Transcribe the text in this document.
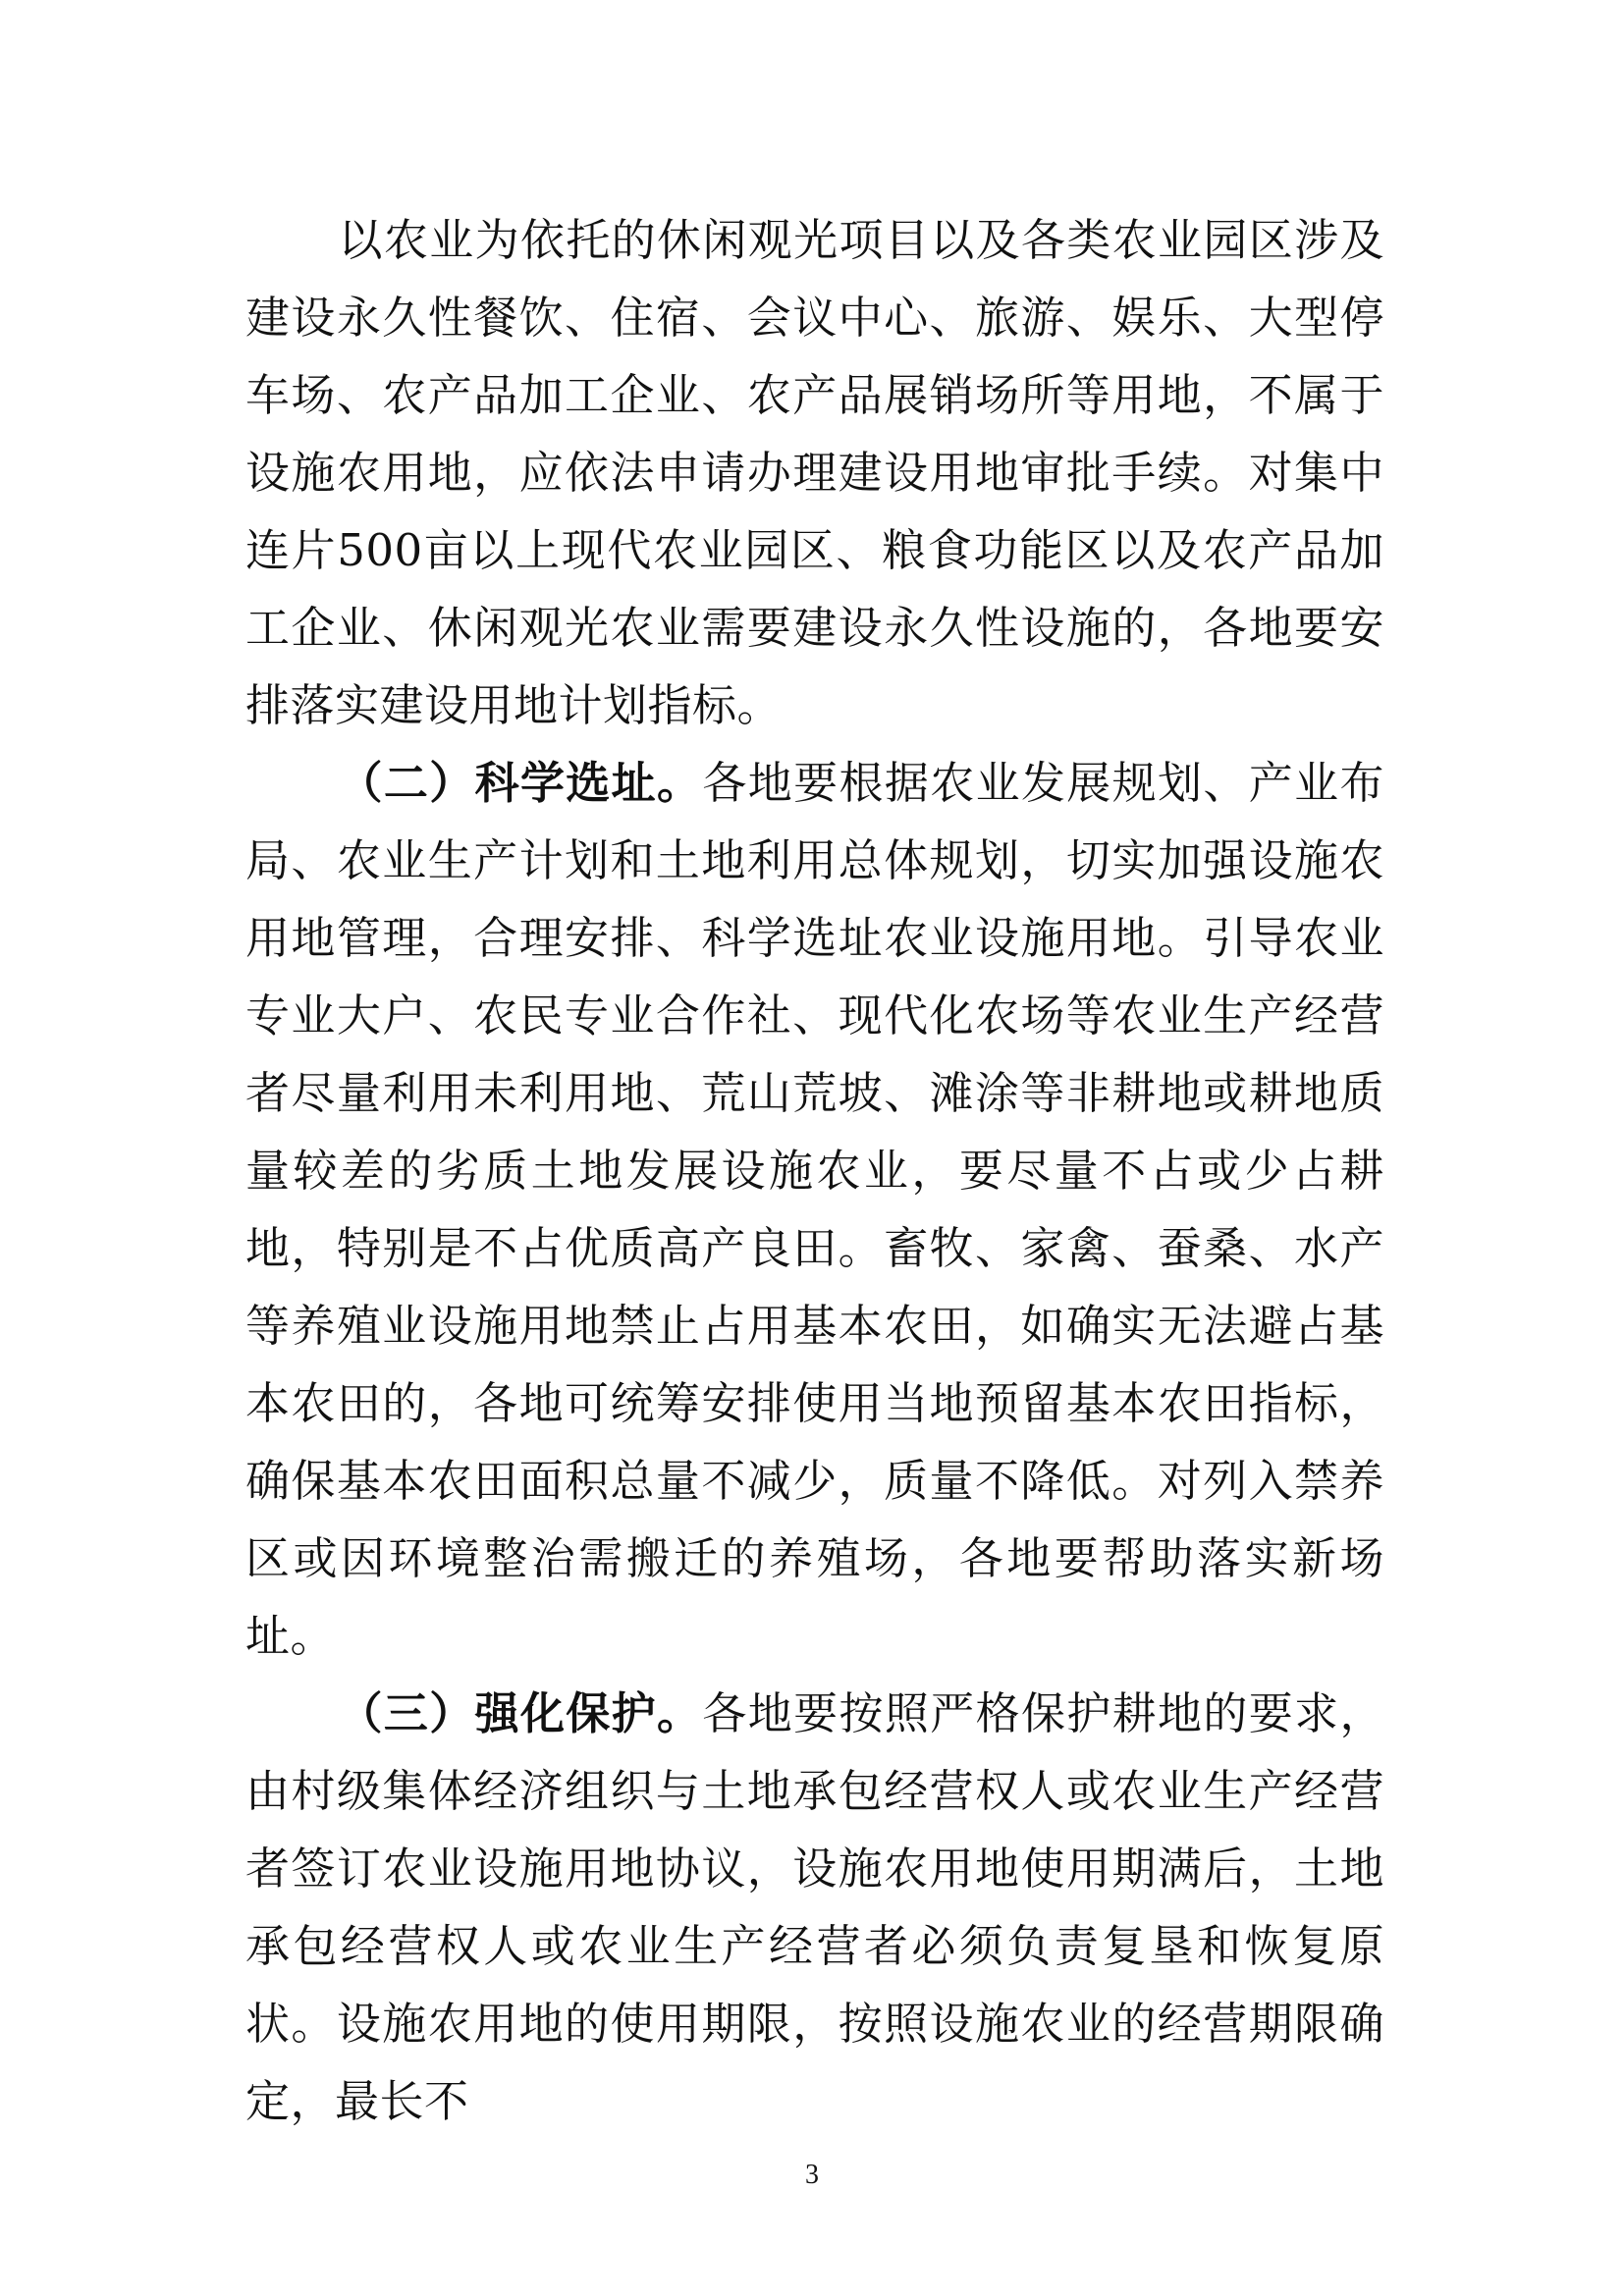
以农业为依托的休闲观光项目以及各类农业园区涉及建设永久性餐饮、住宿、会议中心、旅游、娱乐、大型停车场、农产品加工企业、农产品展销场所等用地，不属于设施农用地，应依法申请办理建设用地审批手续。对集中连片500亩以上现代农业园区、粮食功能区以及农产品加工企业、休闲观光农业需要建设永久性设施的，各地要安排落实建设用地计划指标。

（二）科学选址。各地要根据农业发展规划、产业布局、农业生产计划和土地利用总体规划，切实加强设施农用地管理，合理安排、科学选址农业设施用地。引导农业专业大户、农民专业合作社、现代化农场等农业生产经营者尽量利用未利用地、荒山荒坡、滩涂等非耕地或耕地质量较差的劣质土地发展设施农业，要尽量不占或少占耕地，特别是不占优质高产良田。畜牧、家禽、蚕桑、水产等养殖业设施用地禁止占用基本农田，如确实无法避占基本农田的，各地可统筹安排使用当地预留基本农田指标，确保基本农田面积总量不减少，质量不降低。对列入禁养区或因环境整治需搬迁的养殖场，各地要帮助落实新场址。

（三）强化保护。各地要按照严格保护耕地的要求，由村级集体经济组织与土地承包经营权人或农业生产经营者签订农业设施用地协议，设施农用地使用期满后，土地承包经营权人或农业生产经营者必须负责复垦和恢复原状。设施农用地的使用期限，按照设施农业的经营期限确定，最长不

3
